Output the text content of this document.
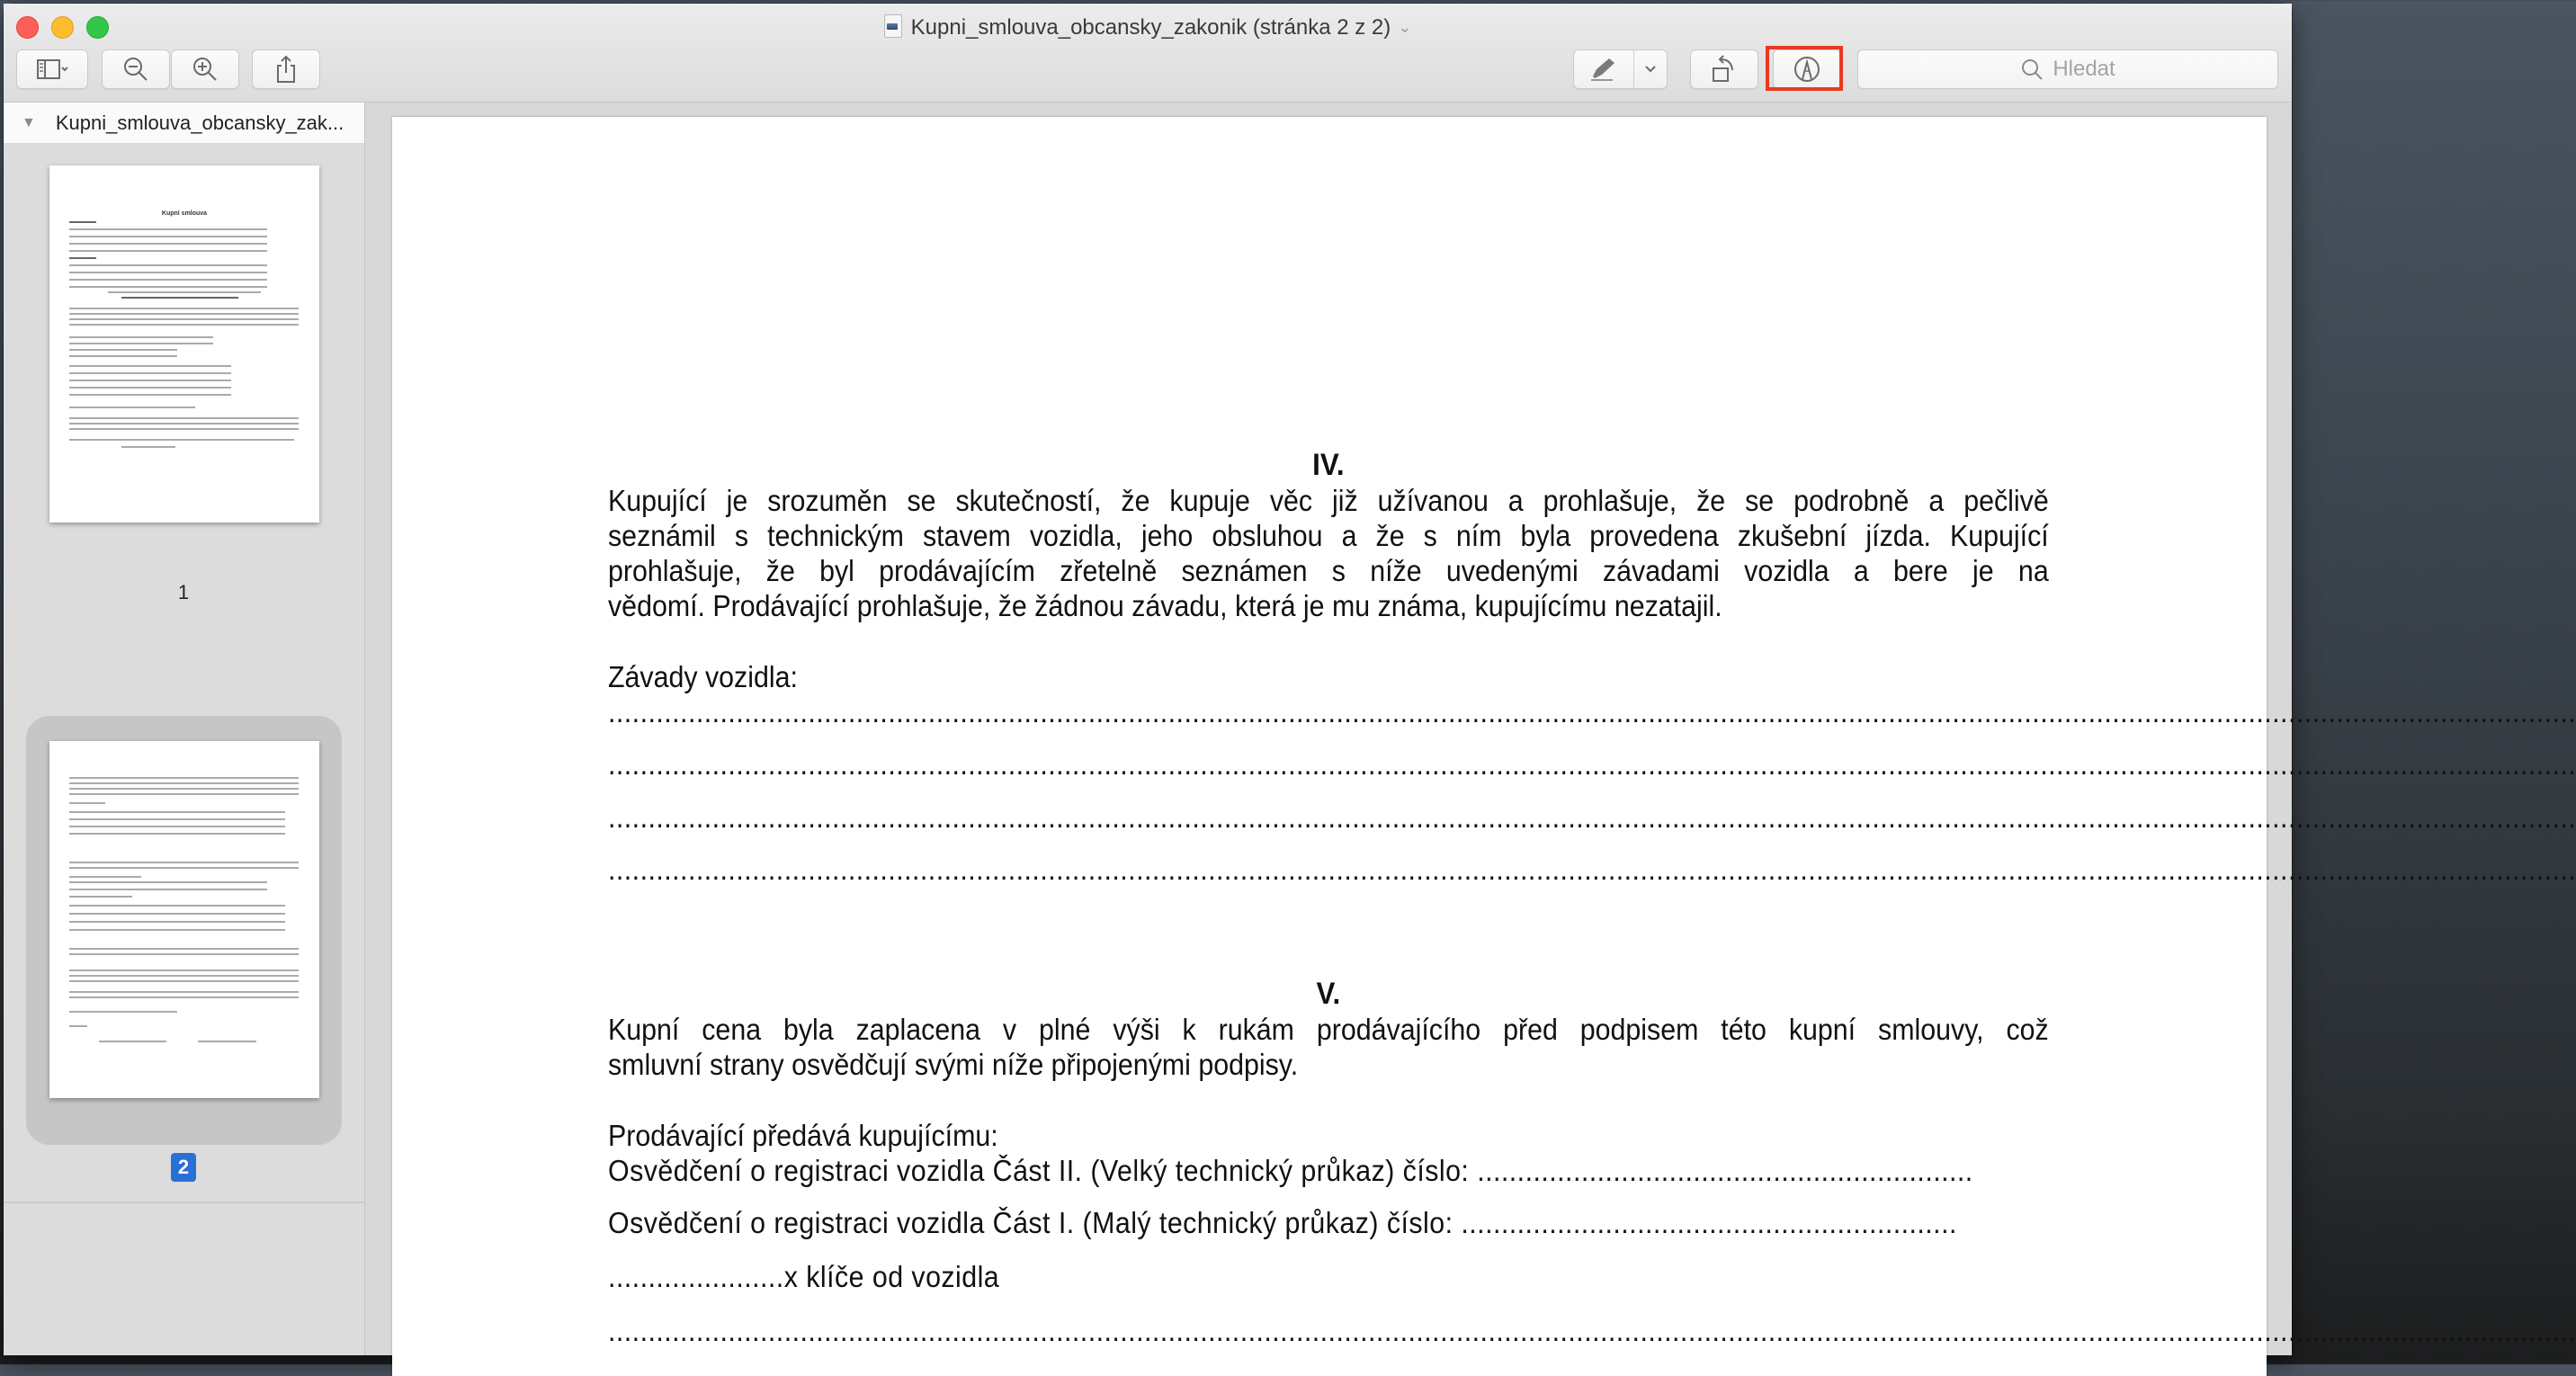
Kupni_smlouva_obcansky_zakonik (stránka 2 z 2) ⌄
Hledat
▼ Kupni_smlouva_obcansky_zak...
Kupní smlouva
1
2
IV.
Kupující je srozuměn se skutečností, že kupuje věc již užívanou a prohlašuje, že se podrobně a pečlivě
seznámil s technickým stavem vozidla, jeho obsluhou a že s ním byla provedena zkušební jízda. Kupující
prohlašuje, že byl prodávajícím zřetelně seznámen s níže uvedenými závadami vozidla a bere je na
vědomí. Prodávající prohlašuje, že žádnou závadu, která je mu známa, kupujícímu nezatajil.
Závady vozidla:
......................................................................................................................................................................................................................................................
......................................................................................................................................................................................................................................................
......................................................................................................................................................................................................................................................
......................................................................................................................................................................................................................................................
V.
Kupní cena byla zaplacena v plné výši k rukám prodávajícího před podpisem této kupní smlouvy, což
smluvní strany osvědčují svými níže připojenými podpisy.
Prodávající předává kupujícímu:
Osvědčení o registraci vozidla Část II. (Velký technický průkaz) číslo: ..............................................................
Osvědčení o registraci vozidla Část I. (Malý technický průkaz) číslo: ..............................................................
......................x klíče od vozidla
......................................................................................................................................................................................................................................................
